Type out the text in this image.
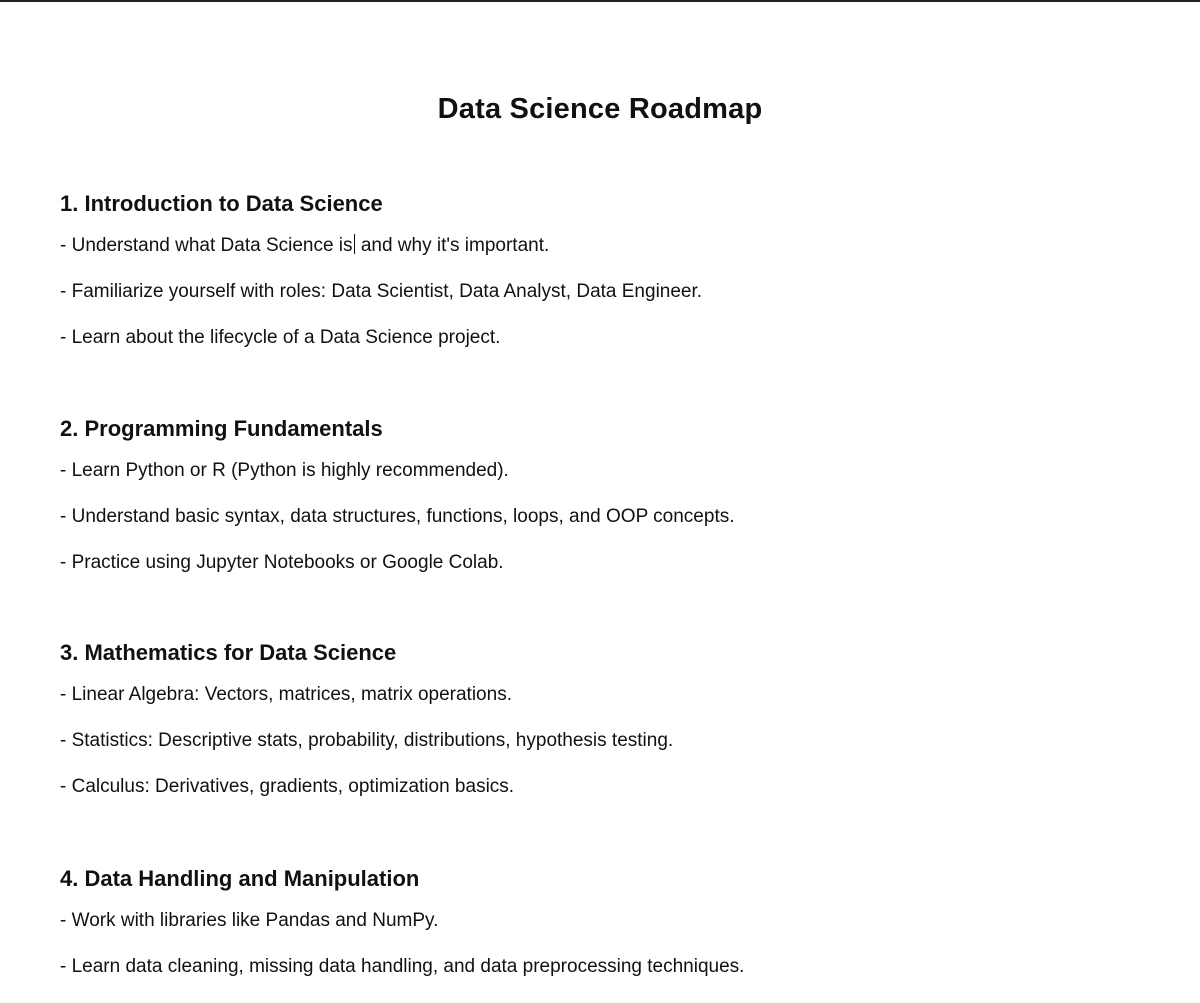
Data Science Roadmap
1. Introduction to Data Science
- Understand what Data Science is and why it's important.
- Familiarize yourself with roles: Data Scientist, Data Analyst, Data Engineer.
- Learn about the lifecycle of a Data Science project.
2. Programming Fundamentals
- Learn Python or R (Python is highly recommended).
- Understand basic syntax, data structures, functions, loops, and OOP concepts.
- Practice using Jupyter Notebooks or Google Colab.
3. Mathematics for Data Science
- Linear Algebra: Vectors, matrices, matrix operations.
- Statistics: Descriptive stats, probability, distributions, hypothesis testing.
- Calculus: Derivatives, gradients, optimization basics.
4. Data Handling and Manipulation
- Work with libraries like Pandas and NumPy.
- Learn data cleaning, missing data handling, and data preprocessing techniques.
